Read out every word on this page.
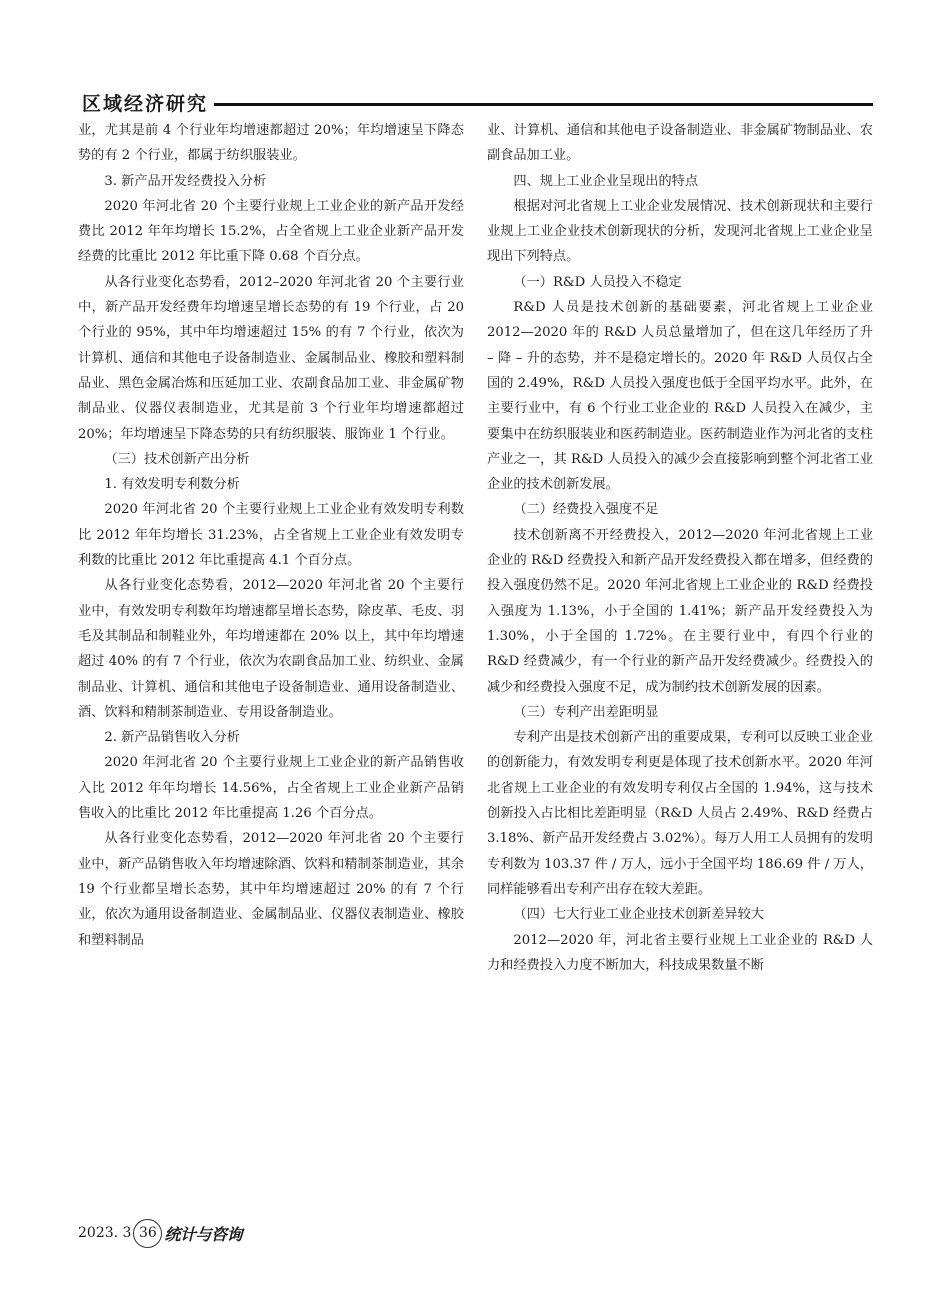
区域经济研究

业，尤其是前 4 个行业年均增速都超过 20%；年均增速呈下降态势的有 2 个行业，都属于纺织服装业。

3. 新产品开发经费投入分析

2020 年河北省 20 个主要行业规上工业企业的新产品开发经费比 2012 年年均增长 15.2%，占全省规上工业企业新产品开发经费的比重比 2012 年比重下降 0.68 个百分点。

从各行业变化态势看，2012–2020 年河北省 20 个主要行业中，新产品开发经费年均增速呈增长态势的有 19 个行业，占 20 个行业的 95%，其中年均增速超过 15% 的有 7 个行业，依次为计算机、通信和其他电子设备制造业、金属制品业、橡胶和塑料制品业、黑色金属冶炼和压延加工业、农副食品加工业、非金属矿物制品业、仪器仪表制造业，尤其是前 3 个行业年均增速都超过 20%；年均增速呈下降态势的只有纺织服装、服饰业 1 个行业。

（三）技术创新产出分析

1. 有效发明专利数分析

2020 年河北省 20 个主要行业规上工业企业有效发明专利数比 2012 年年均增长 31.23%，占全省规上工业企业有效发明专利数的比重比 2012 年比重提高 4.1 个百分点。

从各行业变化态势看，2012—2020 年河北省 20 个主要行业中，有效发明专利数年均增速都呈增长态势，除皮革、毛皮、羽毛及其制品和制鞋业外，年均增速都在 20% 以上，其中年均增速超过 40% 的有 7 个行业，依次为农副食品加工业、纺织业、金属制品业、计算机、通信和其他电子设备制造业、通用设备制造业、酒、饮料和精制茶制造业、专用设备制造业。

2. 新产品销售收入分析

2020 年河北省 20 个主要行业规上工业企业的新产品销售收入比 2012 年年均增长 14.56%，占全省规上工业企业新产品销售收入的比重比 2012 年比重提高 1.26 个百分点。

从各行业变化态势看，2012—2020 年河北省 20 个主要行业中，新产品销售收入年均增速除酒、饮料和精制茶制造业，其余 19 个行业都呈增长态势，其中年均增速超过 20% 的有 7 个行业，依次为通用设备制造业、金属制品业、仪器仪表制造业、橡胶和塑料制品

业、计算机、通信和其他电子设备制造业、非金属矿物制品业、农副食品加工业。

四、规上工业企业呈现出的特点

根据对河北省规上工业企业发展情况、技术创新现状和主要行业规上工业企业技术创新现状的分析，发现河北省规上工业企业呈现出下列特点。

（一）R&D 人员投入不稳定

R&D 人员是技术创新的基础要素，河北省规上工业企业 2012—2020 年的 R&D 人员总量增加了，但在这几年经历了升 – 降 – 升的态势，并不是稳定增长的。2020 年 R&D 人员仅占全国的 2.49%，R&D 人员投入强度也低于全国平均水平。此外，在主要行业中，有 6 个行业工业企业的 R&D 人员投入在减少，主要集中在纺织服装业和医药制造业。医药制造业作为河北省的支柱产业之一，其 R&D 人员投入的减少会直接影响到整个河北省工业企业的技术创新发展。

（二）经费投入强度不足

技术创新离不开经费投入，2012—2020 年河北省规上工业企业的 R&D 经费投入和新产品开发经费投入都在增多，但经费的投入强度仍然不足。2020 年河北省规上工业企业的 R&D 经费投入强度为 1.13%，小于全国的 1.41%；新产品开发经费投入为 1.30%，小于全国的 1.72%。在主要行业中，有四个行业的 R&D 经费减少，有一个行业的新产品开发经费减少。经费投入的减少和经费投入强度不足，成为制约技术创新发展的因素。

（三）专利产出差距明显

专利产出是技术创新产出的重要成果，专利可以反映工业企业的创新能力，有效发明专利更是体现了技术创新水平。2020 年河北省规上工业企业的有效发明专利仅占全国的 1.94%，这与技术创新投入占比相比差距明显（R&D 人员占 2.49%、R&D 经费占 3.18%、新产品开发经费占 3.02%）。每万人用工人员拥有的发明专利数为 103.37 件 / 万人，远小于全国平均 186.69 件 / 万人，同样能够看出专利产出存在较大差距。

（四）七大行业工业企业技术创新差异较大

2012—2020 年，河北省主要行业规上工业企业的 R&D 人力和经费投入力度不断加大，科技成果数量不断

2023. 3 36 统计与咨询
